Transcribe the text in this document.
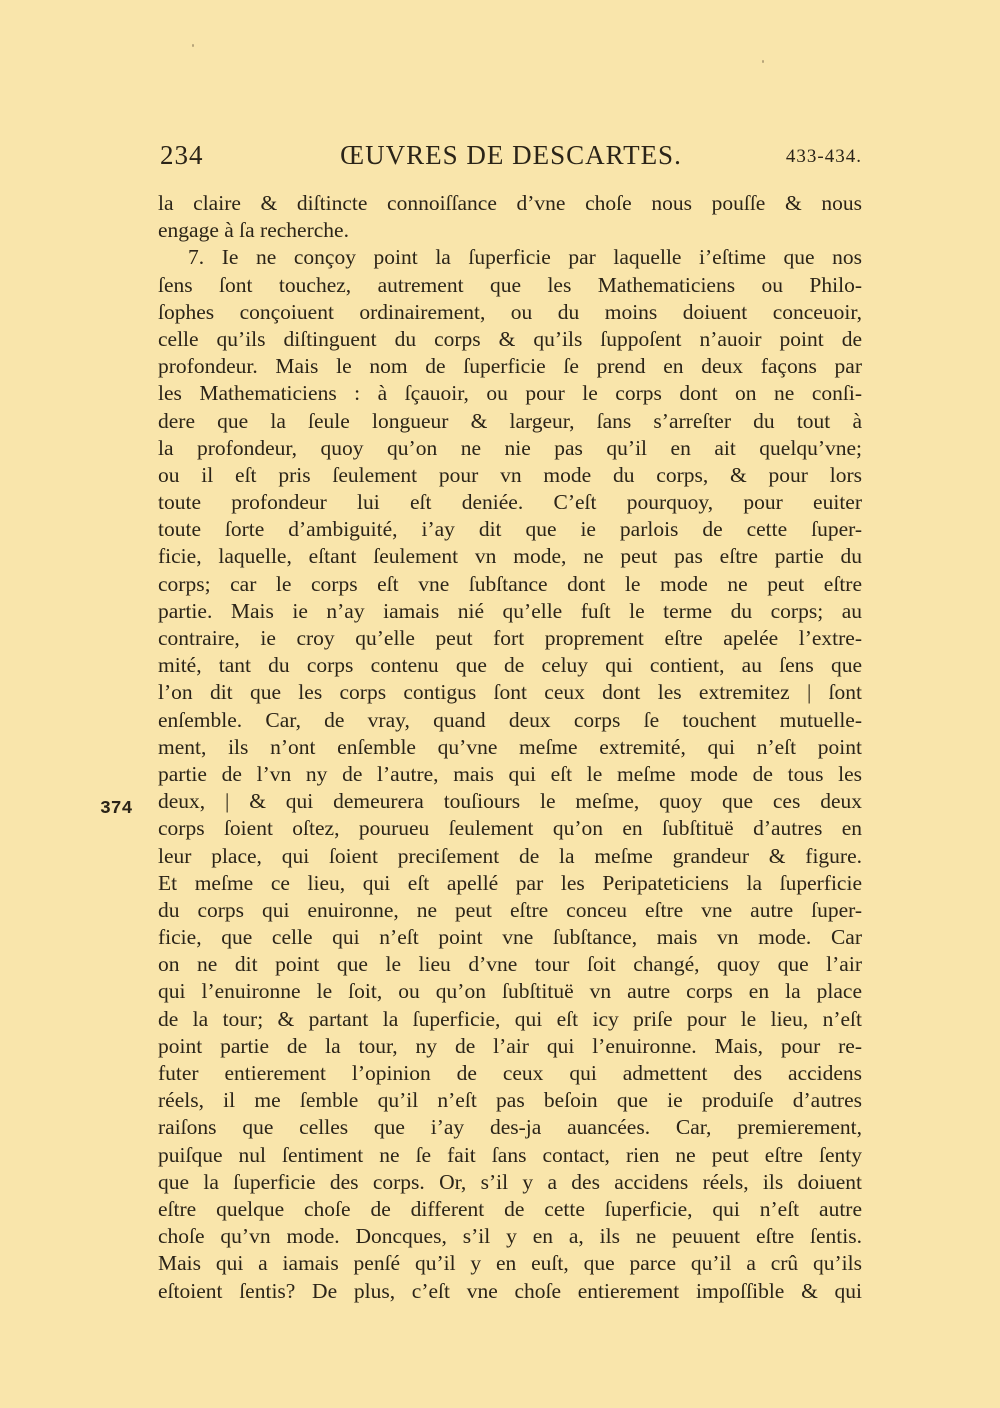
234	ŒUVRES DE DESCARTES.	433-434.
374
la claire & diſtincte connoiſſance d’vne choſe nous pouſſe & nous
engage à ſa recherche.
7. Ie ne conçoy point la ſuperficie par laquelle i’eſtime que nos
ſens ſont touchez, autrement que les Mathematiciens ou Philo-
ſophes conçoiuent ordinairement, ou du moins doiuent conceuoir,
celle qu’ils diſtinguent du corps & qu’ils ſuppoſent n’auoir point de
profondeur. Mais le nom de ſuperficie ſe prend en deux façons par
les Mathematiciens : à ſçauoir, ou pour le corps dont on ne conſi-
dere que la ſeule longueur & largeur, ſans s’arreſter du tout à
la profondeur, quoy qu’on ne nie pas qu’il en ait quelqu’vne;
ou il eſt pris ſeulement pour vn mode du corps, & pour lors
toute profondeur lui eſt deniée. C’eſt pourquoy, pour euiter
toute ſorte d’ambiguité, i’ay dit que ie parlois de cette ſuper-
ficie, laquelle, eſtant ſeulement vn mode, ne peut pas eſtre partie du
corps; car le corps eſt vne ſubſtance dont le mode ne peut eſtre
partie. Mais ie n’ay iamais nié qu’elle fuſt le terme du corps; au
contraire, ie croy qu’elle peut fort proprement eſtre apelée l’extre-
mité, tant du corps contenu que de celuy qui contient, au ſens que
l’on dit que les corps contigus ſont ceux dont les extremitez | ſont
enſemble. Car, de vray, quand deux corps ſe touchent mutuelle-
ment, ils n’ont enſemble qu’vne meſme extremité, qui n’eſt point
partie de l’vn ny de l’autre, mais qui eſt le meſme mode de tous les
deux, | & qui demeurera touſiours le meſme, quoy que ces deux
corps ſoient oſtez, pourueu ſeulement qu’on en ſubſtituë d’autres en
leur place, qui ſoient preciſement de la meſme grandeur & figure.
Et meſme ce lieu, qui eſt apellé par les Peripateticiens la ſuperficie
du corps qui enuironne, ne peut eſtre conceu eſtre vne autre ſuper-
ficie, que celle qui n’eſt point vne ſubſtance, mais vn mode. Car
on ne dit point que le lieu d’vne tour ſoit changé, quoy que l’air
qui l’enuironne le ſoit, ou qu’on ſubſtituë vn autre corps en la place
de la tour; & partant la ſuperficie, qui eſt icy priſe pour le lieu, n’eſt
point partie de la tour, ny de l’air qui l’enuironne. Mais, pour re-
futer entierement l’opinion de ceux qui admettent des accidens
réels, il me ſemble qu’il n’eſt pas beſoin que ie produiſe d’autres
raiſons que celles que i’ay des-ja auancées. Car, premierement,
puiſque nul ſentiment ne ſe fait ſans contact, rien ne peut eſtre ſenty
que la ſuperficie des corps. Or, s’il y a des accidens réels, ils doiuent
eſtre quelque choſe de different de cette ſuperficie, qui n’eſt autre
choſe qu’vn mode. Doncques, s’il y en a, ils ne peuuent eſtre ſentis.
Mais qui a iamais penſé qu’il y en euſt, que parce qu’il a crû qu’ils
eſtoient ſentis? De plus, c’eſt vne choſe entierement impoſſible & qui
